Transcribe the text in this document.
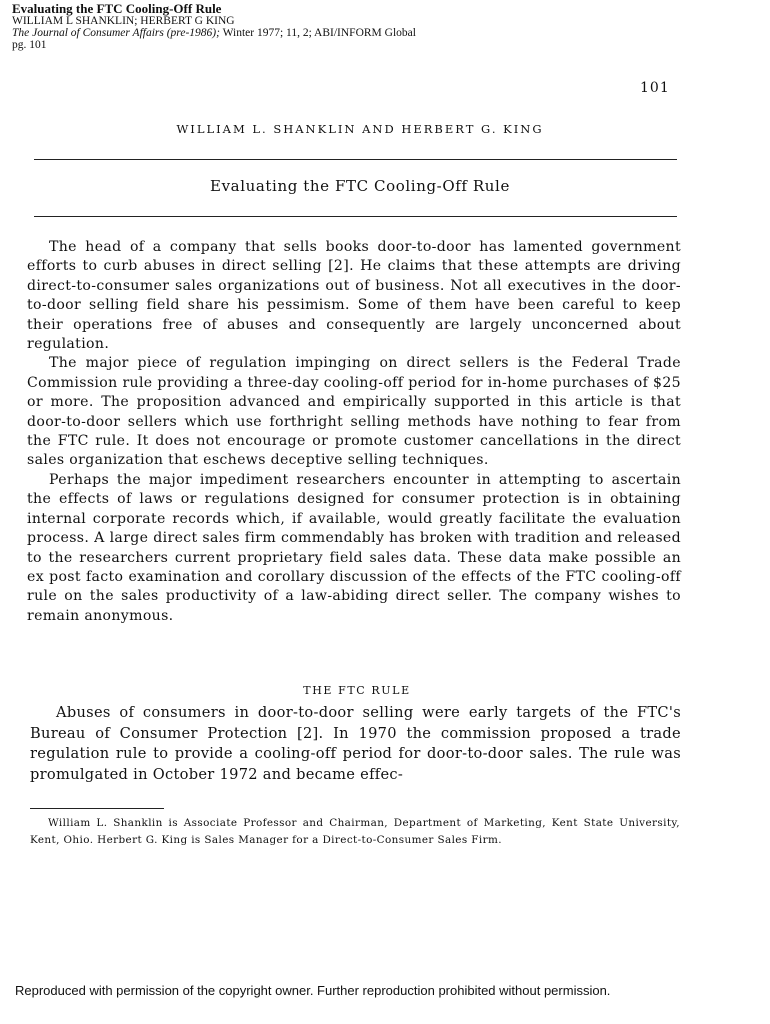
Evaluating the FTC Cooling-Off Rule
WILLIAM L SHANKLIN; HERBERT G KING
The Journal of Consumer Affairs (pre-1986); Winter 1977; 11, 2; ABI/INFORM Global
pg. 101
101
WILLIAM L. SHANKLIN AND HERBERT G. KING
Evaluating the FTC Cooling-Off Rule

The head of a company that sells books door-to-door has lamented government efforts to curb abuses in direct selling [2]. He claims that these attempts are driving direct-to-consumer sales organizations out of business. Not all executives in the door-to-door selling field share his pessimism. Some of them have been careful to keep their operations free of abuses and consequently are largely unconcerned about regulation.

The major piece of regulation impinging on direct sellers is the Federal Trade Commission rule providing a three-day cooling-off period for in-home purchases of $25 or more. The proposition advanced and empirically supported in this article is that door-to-door sellers which use forthright selling methods have nothing to fear from the FTC rule. It does not encourage or promote customer cancellations in the direct sales organization that eschews deceptive selling techniques.

Perhaps the major impediment researchers encounter in attempting to ascertain the effects of laws or regulations designed for consumer protection is in obtaining internal corporate records which, if available, would greatly facilitate the evaluation process. A large direct sales firm commendably has broken with tradition and released to the researchers current proprietary field sales data. These data make possible an ex post facto examination and corollary discussion of the effects of the FTC cooling-off rule on the sales productivity of a law-abiding direct seller. The company wishes to remain anonymous.

THE FTC RULE

Abuses of consumers in door-to-door selling were early targets of the FTC's Bureau of Consumer Protection [2]. In 1970 the commission proposed a trade regulation rule to provide a cooling-off period for door-to-door sales. The rule was promulgated in October 1972 and became effec-

William L. Shanklin is Associate Professor and Chairman, Department of Marketing, Kent State University, Kent, Ohio. Herbert G. King is Sales Manager for a Direct-to-Consumer Sales Firm.

Reproduced with permission of the copyright owner. Further reproduction prohibited without permission.
